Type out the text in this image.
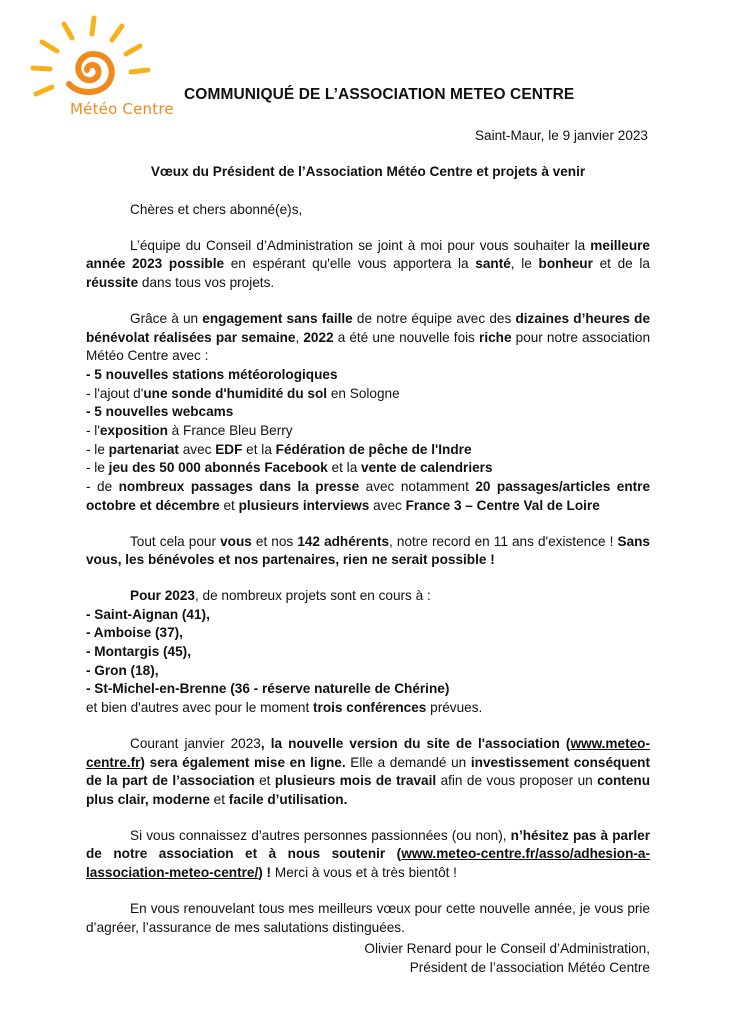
Météo Centre
COMMUNIQUÉ DE L’ASSOCIATION METEO CENTRE
Saint-Maur, le 9 janvier 2023
Vœux du Président de l’Association Météo Centre et projets à venir

Chères et chers abonné(e)s,

L’équipe du Conseil d’Administration se joint à moi pour vous souhaiter la meilleure année 2023 possible en espérant qu'elle vous apportera la santé, le bonheur et de la réussite dans tous vos projets.

Grâce à un engagement sans faille de notre équipe avec des dizaines d’heures de bénévolat réalisées par semaine, 2022 a été une nouvelle fois riche pour notre association Météo Centre avec :

- 5 nouvelles stations météorologiques
- l'ajout d'une sonde d'humidité du sol en Sologne
- 5 nouvelles webcams
- l'exposition à France Bleu Berry
- le partenariat avec EDF et la Fédération de pêche de l'Indre
- le jeu des 50 000 abonnés Facebook et la vente de calendriers
- de nombreux passages dans la presse avec notamment 20 passages/articles entre octobre et décembre et plusieurs interviews avec France 3 – Centre Val de Loire

Tout cela pour vous et nos 142 adhérents, notre record en 11 ans d'existence ! Sans vous, les bénévoles et nos partenaires, rien ne serait possible !

Pour 2023, de nombreux projets sont en cours à :

- Saint-Aignan (41),
- Amboise (37),
- Montargis (45),
- Gron (18),
- St-Michel-en-Brenne (36 - réserve naturelle de Chérine)

et bien d'autres avec pour le moment trois conférences prévues.

Courant janvier 2023, la nouvelle version du site de l'association (www.meteo-centre.fr) sera également mise en ligne. Elle a demandé un investissement conséquent de la part de l’association et plusieurs mois de travail afin de vous proposer un contenu plus clair, moderne et facile d’utilisation.

Si vous connaissez d’autres personnes passionnées (ou non), n’hésitez pas à parler de notre association et à nous soutenir (www.meteo-centre.fr/asso/adhesion-a-lassociation-meteo-centre/) ! Merci à vous et à très bientôt !

En vous renouvelant tous mes meilleurs vœux pour cette nouvelle année, je vous prie d’agréer, l’assurance de mes salutations distinguées.

Olivier Renard pour le Conseil d’Administration,
Président de l’association Météo Centre
